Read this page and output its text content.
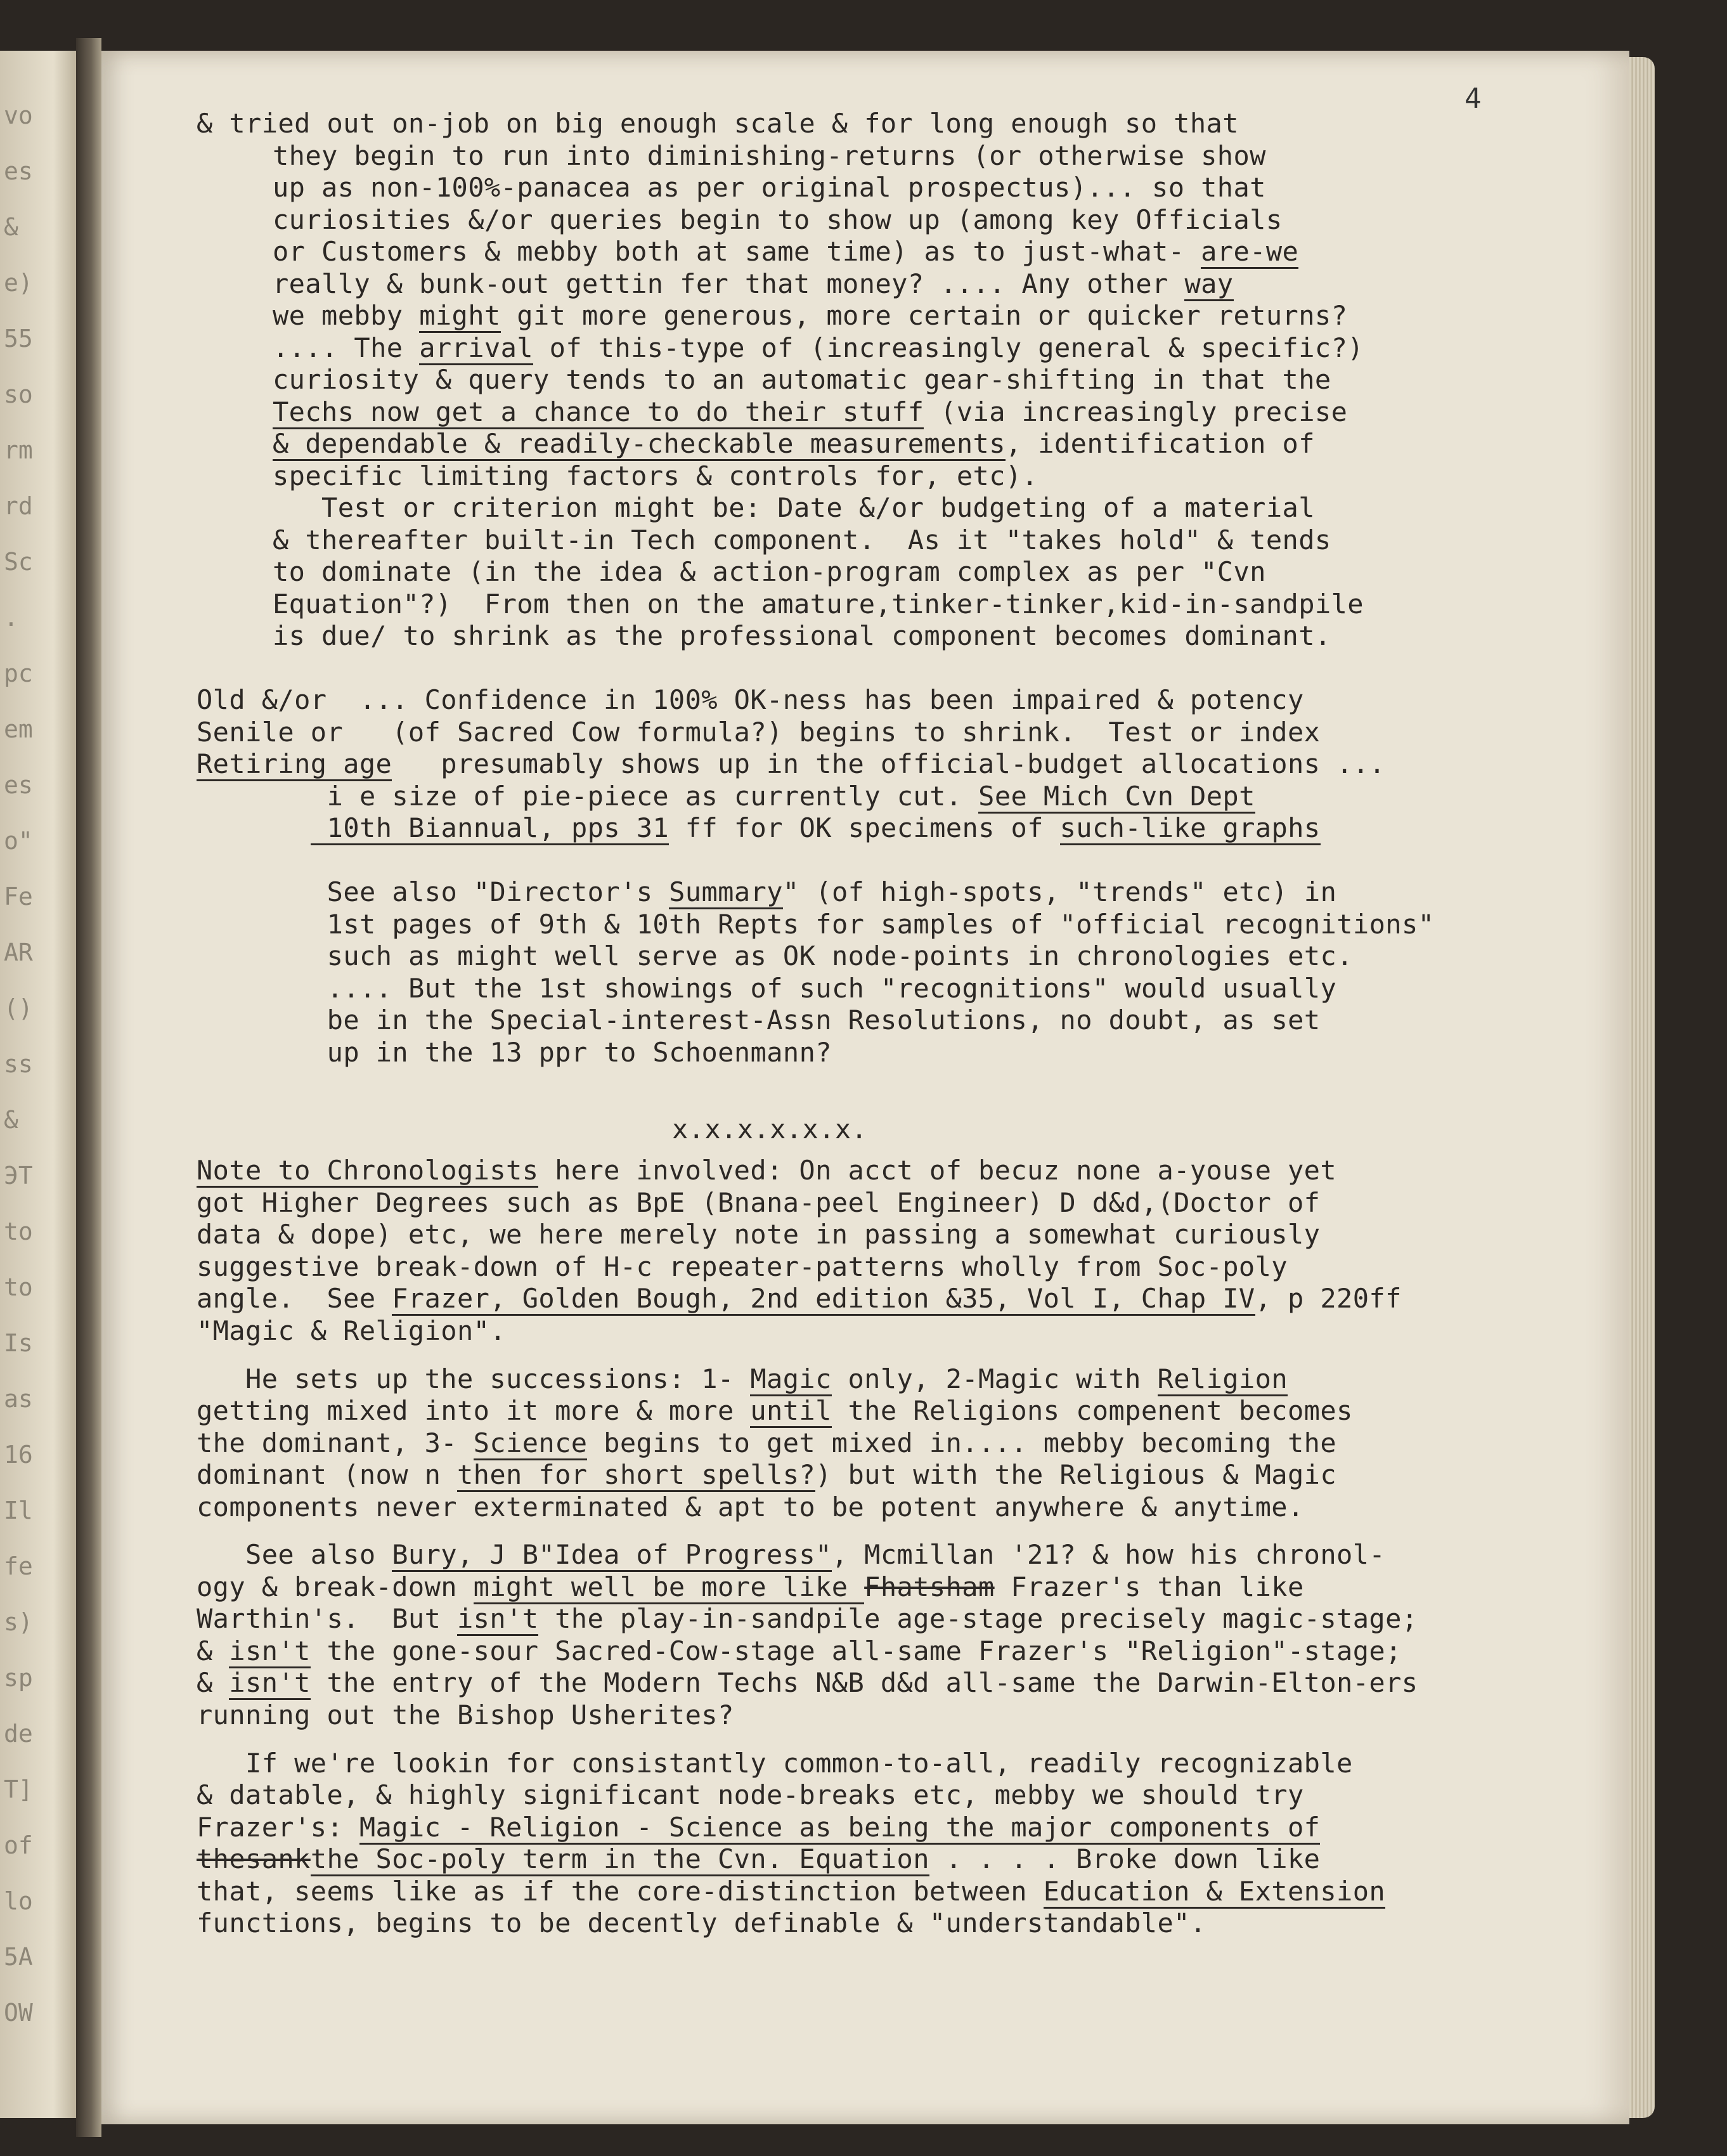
vo
es
&
e)
55
so
rm
rd
Sc
.
pc
em
es
o"
Fe
AR
()
ss
&
ЭТ
to
to
Is
as
16
Il
fe
s)
sp
de
T]
of
lo
5A
OW
4
& tried out on-job on big enough scale & for long enough so that
they begin to run into diminishing-returns (or otherwise show
up as non-100%-panacea as per original prospectus)... so that
curiosities &/or queries begin to show up (among key Officials
or Customers & mebby both at same time) as to just-what- are-we
really & bunk-out gettin fer that money? .... Any other way
we mebby might git more generous, more certain or quicker returns?
.... The arrival of this-type of (increasingly general & specific?)
curiosity & query tends to an automatic gear-shifting in that the
Techs now get a chance to do their stuff (via increasingly precise
& dependable & readily-checkable measurements, identification of
specific limiting factors & controls for, etc).
Test or criterion might be: Date &/or budgeting of a material
& thereafter built-in Tech component.  As it "takes hold" & tends
to dominate (in the idea & action-program complex as per "Cvn
Equation"?)  From then on the amature,tinker-tinker,kid-in-sandpile
is due/ to shrink as the professional component becomes dominant.
Old &/or  ... Confidence in 100% OK-ness has been impaired & potency
Senile or   (of Sacred Cow formula?) begins to shrink.  Test or index
Retiring age   presumably shows up in the official-budget allocations ...
i e size of pie-piece as currently cut. See Mich Cvn Dept
10th Biannual, pps 31 ff for OK specimens of such-like graphs
See also "Director's Summary" (of high-spots, "trends" etc) in
1st pages of 9th & 10th Repts for samples of "official recognitions"
such as might well serve as OK node-points in chronologies etc.
.... But the 1st showings of such "recognitions" would usually
be in the Special-interest-Assn Resolutions, no doubt, as set
up in the 13 ppr to Schoenmann?
x.x.x.x.x.x.
Note to Chronologists here involved: On acct of becuz none a-youse yet
got Higher Degrees such as BpE (Bnana-peel Engineer) D d&d,(Doctor of
data & dope) etc, we here merely note in passing a somewhat curiously
suggestive break-down of H-c repeater-patterns wholly from Soc-poly
angle.  See Frazer, Golden Bough, 2nd edition &35, Vol I, Chap IV, p 220ff
"Magic & Religion".
He sets up the successions: 1- Magic only, 2-Magic with Religion
getting mixed into it more & more until the Religions compenent becomes
the dominant, 3- Science begins to get mixed in.... mebby becoming the
dominant (now n then for short spells?) but with the Religious & Magic
components never exterminated & apt to be potent anywhere & anytime.
See also Bury, J B"Idea of Progress", Mcmillan '21? & how his chronol-
ogy & break-down might well be more like Fhatsham Frazer's than like
Warthin's.  But isn't the play-in-sandpile age-stage precisely magic-stage;
& isn't the gone-sour Sacred-Cow-stage all-same Frazer's "Religion"-stage;
& isn't the entry of the Modern Techs N&B d&d all-same the Darwin-Elton-ers
running out the Bishop Usherites?
If we're lookin for consistantly common-to-all, readily recognizable
& datable, & highly significant node-breaks etc, mebby we should try
Frazer's: Magic - Religion - Science as being the major components of
thesankthe Soc-poly term in the Cvn. Equation . . . . Broke down like
that, seems like as if the core-distinction between Education & Extension
functions, begins to be decently definable & "understandable".
